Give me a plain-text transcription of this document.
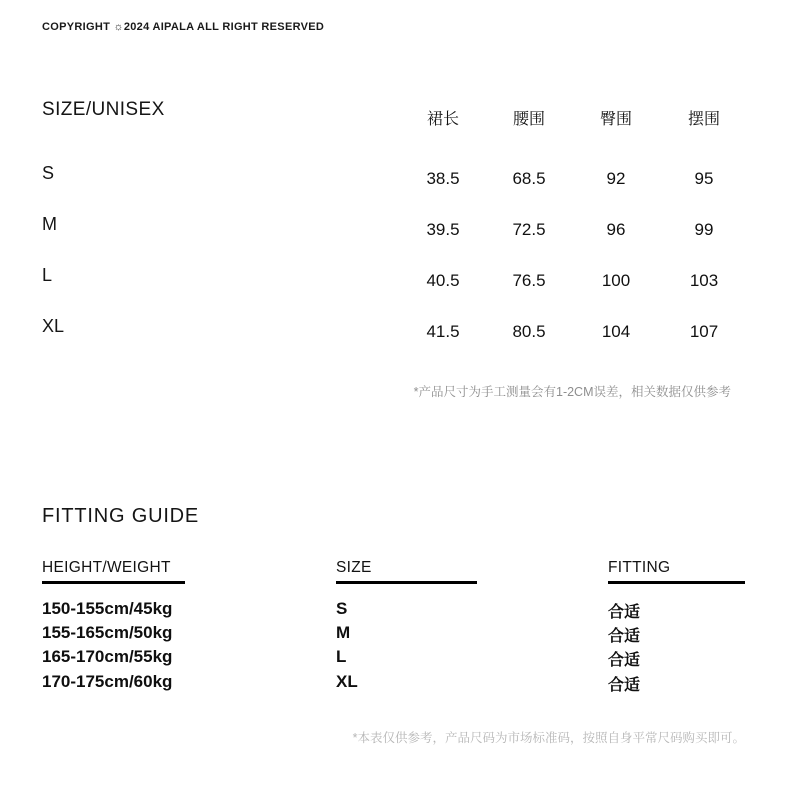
COPYRIGHT ☼2024 AIPALA ALL RIGHT RESERVED
SIZE/UNISEX	裙长	腰围	臀围	摆围
S	38.5	68.5	92	95
M	39.5	72.5	96	99
L	40.5	76.5	100	103
XL	41.5	80.5	104	107
*产品尺寸为手工测量会有1-2CM误差，相关数据仅供参考
FITTING GUIDE
HEIGHT/WEIGHT	SIZE	FITTING
150-155cm/45kg	S	合适
155-165cm/50kg	M	合适
165-170cm/55kg	L	合适
170-175cm/60kg	XL	合适
*本表仅供参考，产品尺码为市场标准码，按照自身平常尺码购买即可。
